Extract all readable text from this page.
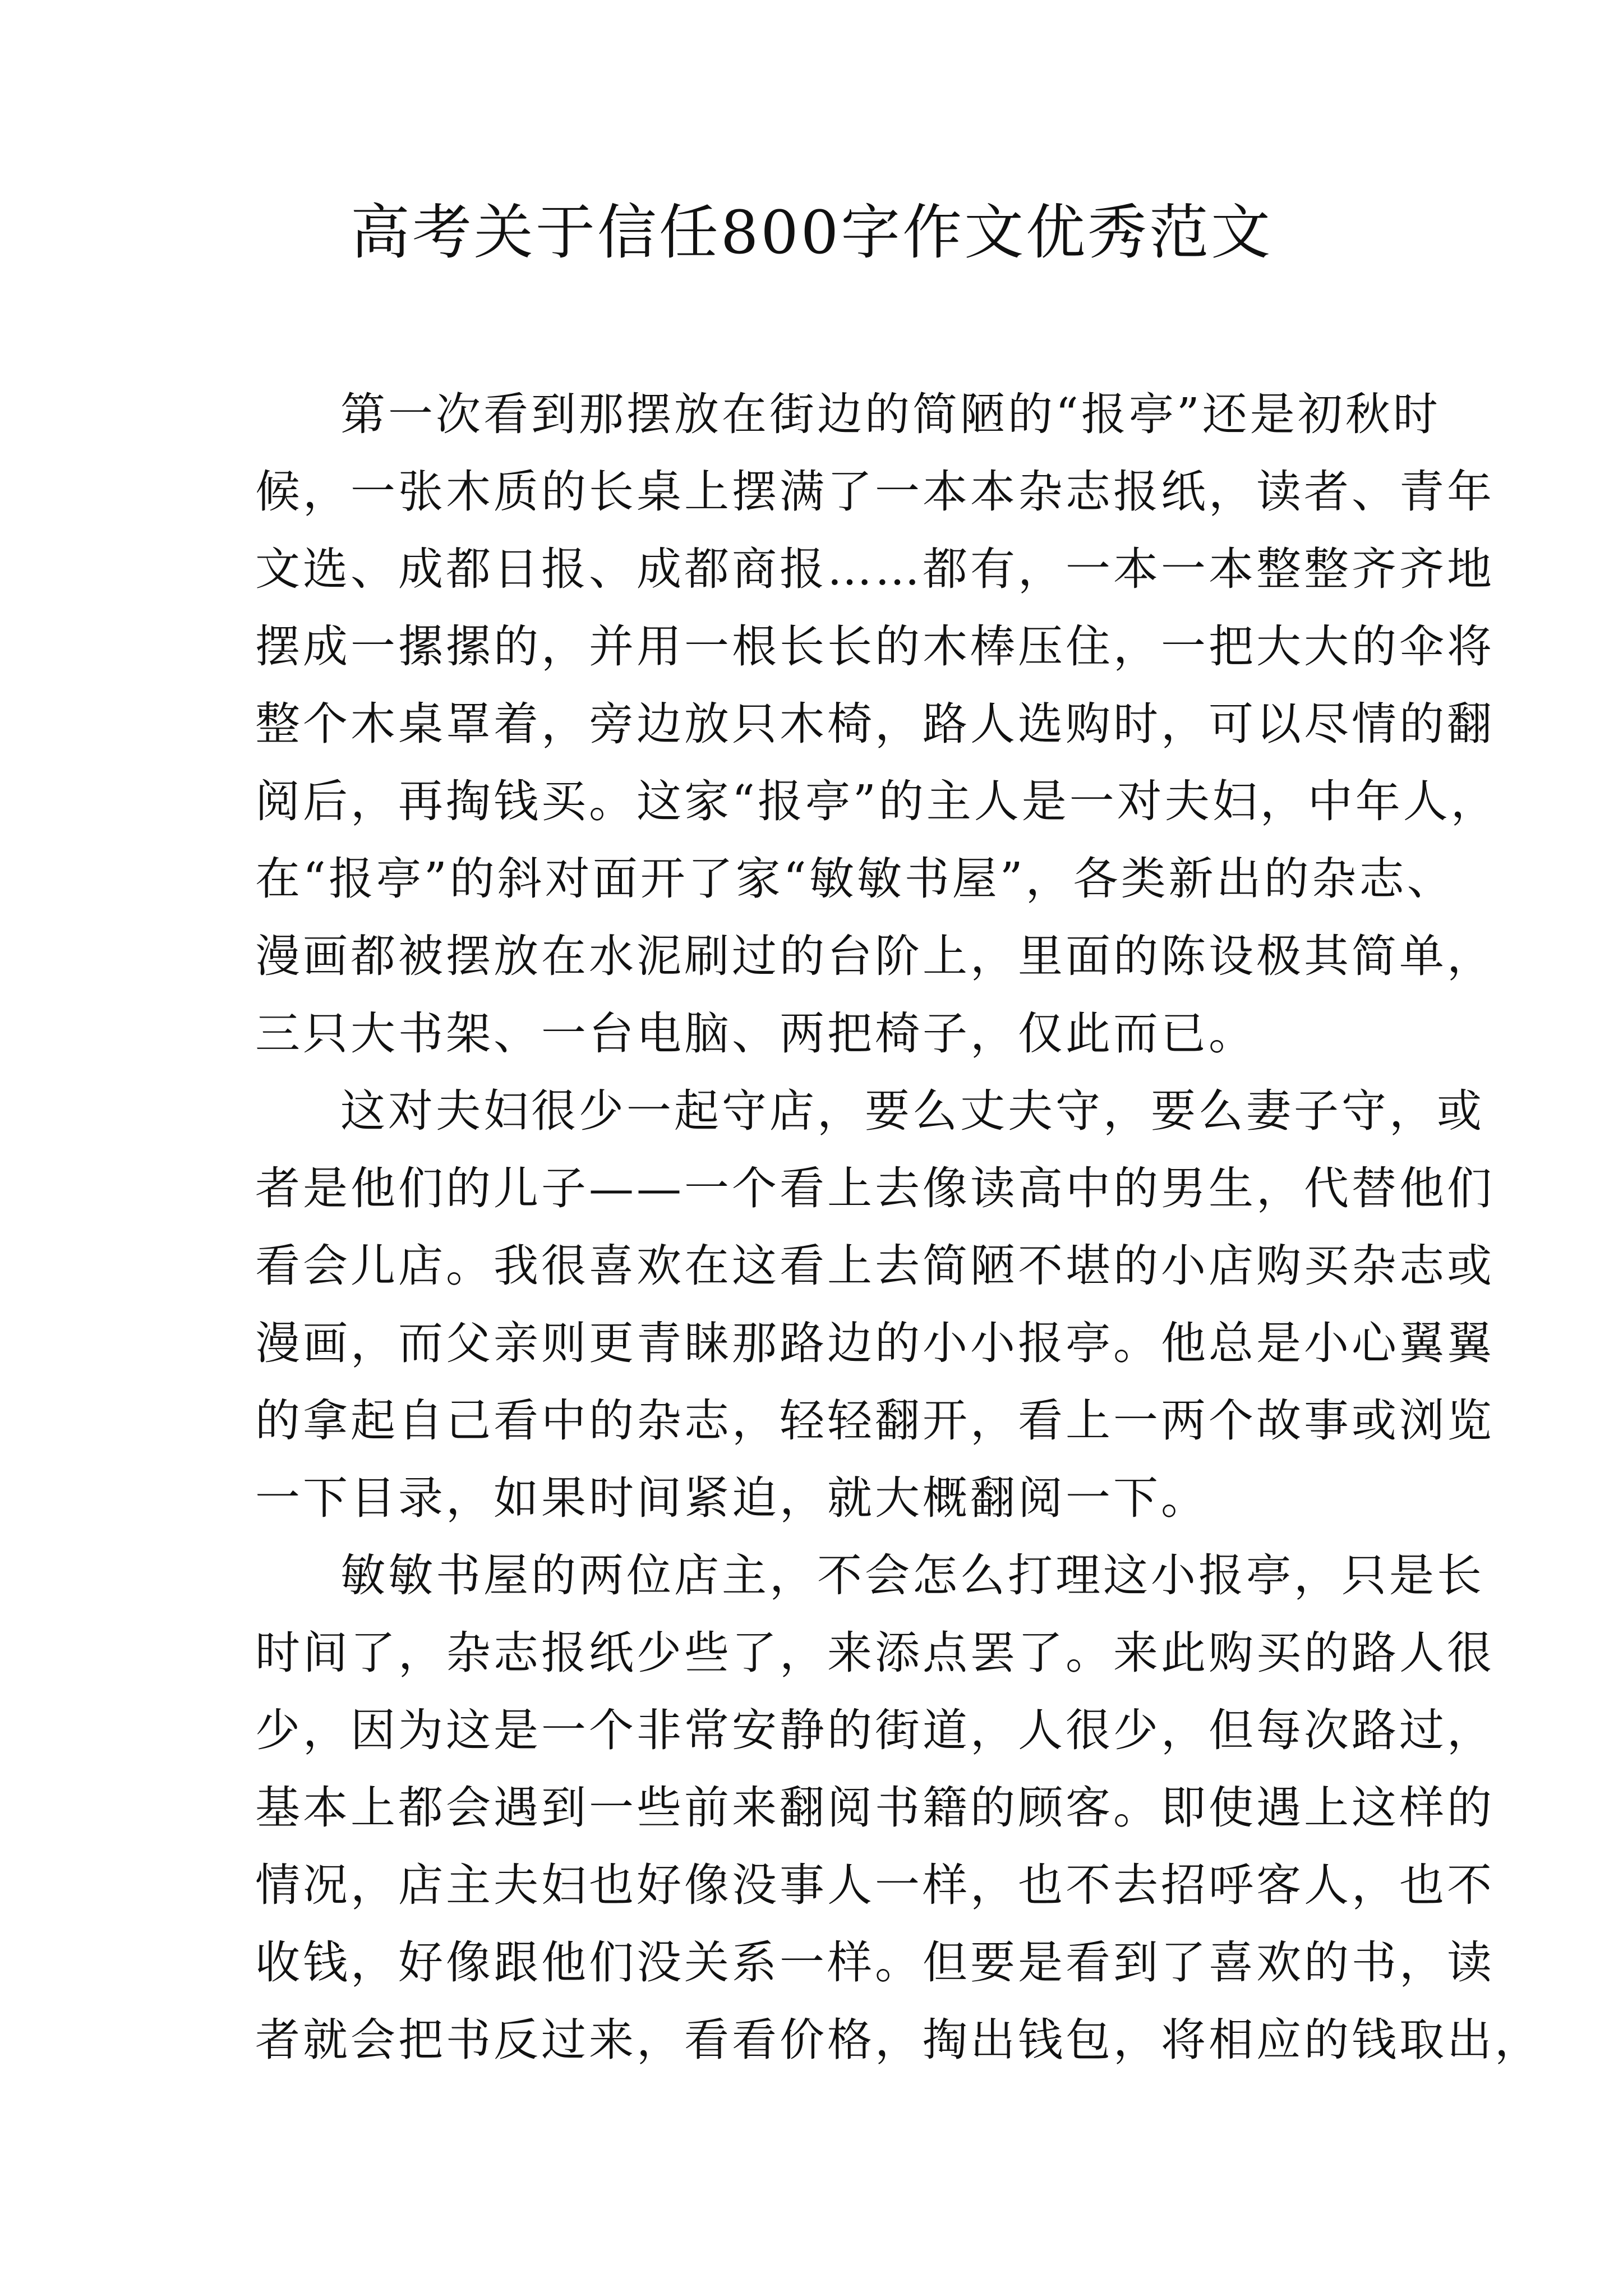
高考关于信任800字作文优秀范文
第一次看到那摆放在街边的简陋的“报亭”还是初秋时
候，一张木质的长桌上摆满了一本本杂志报纸，读者、青年
文选、成都日报、成都商报……都有，一本一本整整齐齐地
摆成一摞摞的，并用一根长长的木棒压住，一把大大的伞将
整个木桌罩着，旁边放只木椅，路人选购时，可以尽情的翻
阅后，再掏钱买。这家“报亭”的主人是一对夫妇，中年人，
在“报亭”的斜对面开了家“敏敏书屋”，各类新出的杂志、
漫画都被摆放在水泥刷过的台阶上，里面的陈设极其简单，
三只大书架、一台电脑、两把椅子，仅此而已。
这对夫妇很少一起守店，要么丈夫守，要么妻子守，或
者是他们的儿子——一个看上去像读高中的男生，代替他们
看会儿店。我很喜欢在这看上去简陋不堪的小店购买杂志或
漫画，而父亲则更青睐那路边的小小报亭。他总是小心翼翼
的拿起自己看中的杂志，轻轻翻开，看上一两个故事或浏览
一下目录，如果时间紧迫，就大概翻阅一下。
敏敏书屋的两位店主，不会怎么打理这小报亭，只是长
时间了，杂志报纸少些了，来添点罢了。来此购买的路人很
少，因为这是一个非常安静的街道，人很少，但每次路过，
基本上都会遇到一些前来翻阅书籍的顾客。即使遇上这样的
情况，店主夫妇也好像没事人一样，也不去招呼客人，也不
收钱，好像跟他们没关系一样。但要是看到了喜欢的书，读
者就会把书反过来，看看价格，掏出钱包，将相应的钱取出，
